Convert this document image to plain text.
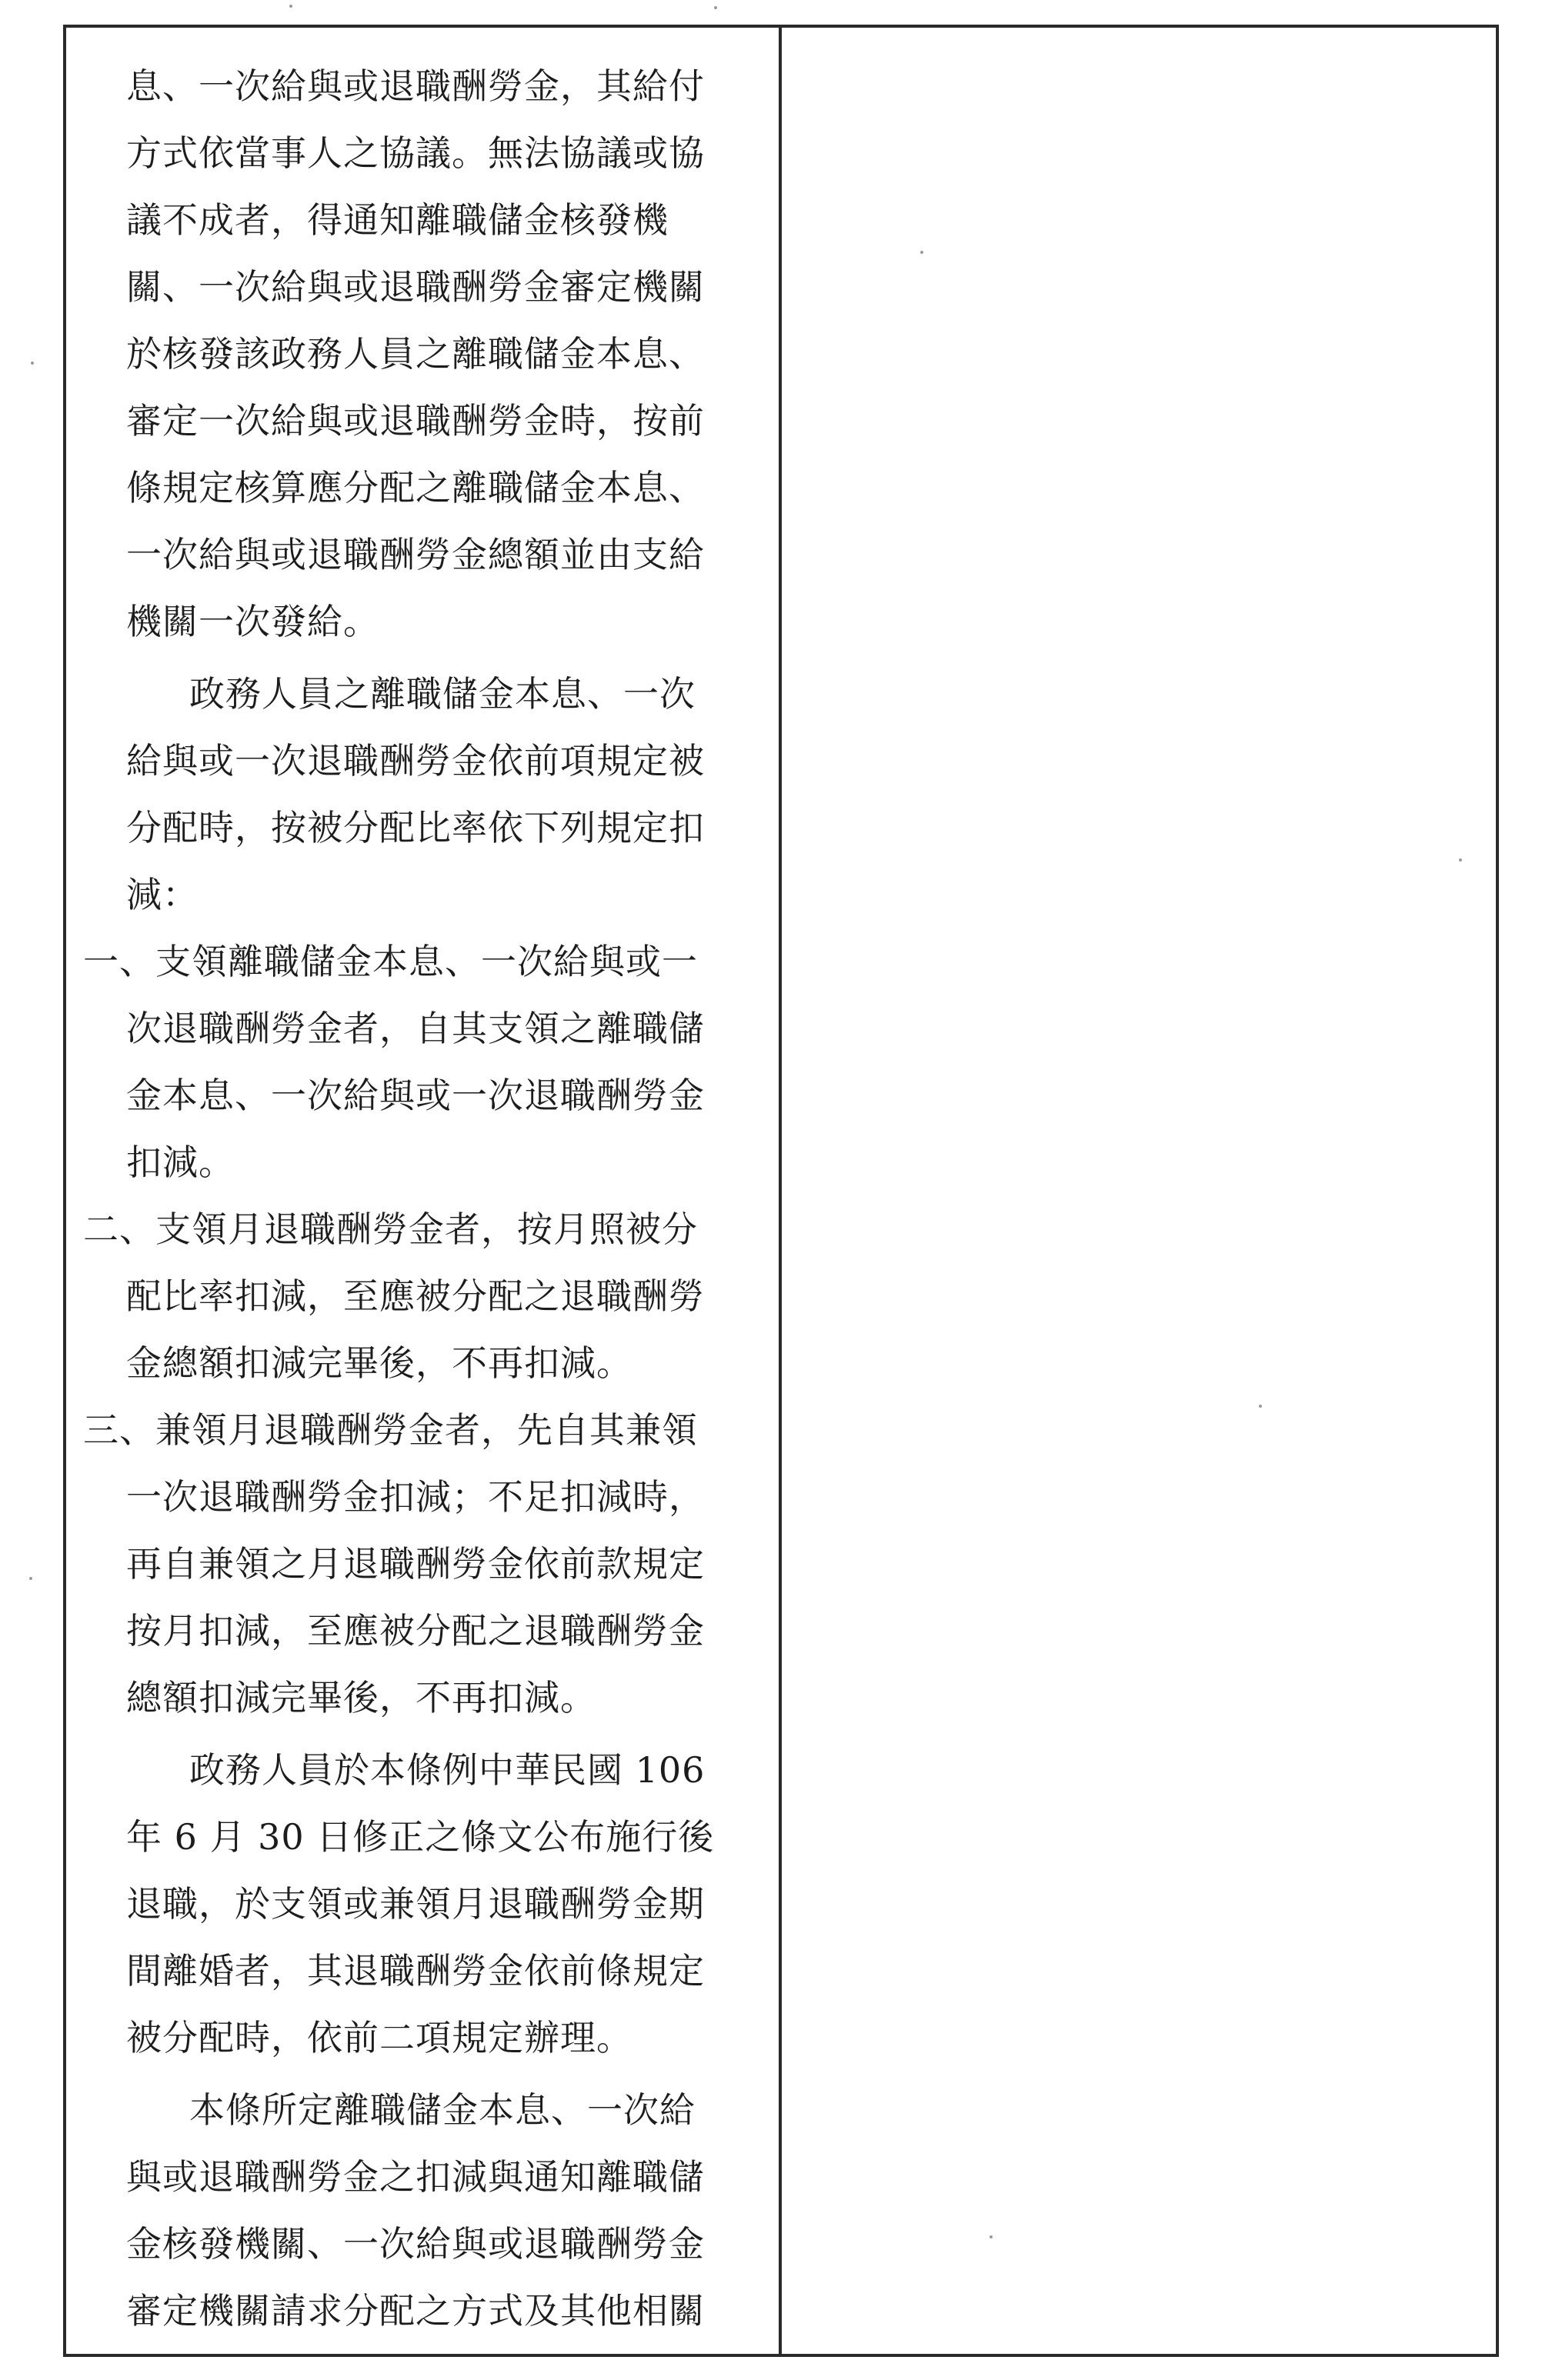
息、一次給與或退職酬勞金，其給付
方式依當事人之協議。無法協議或協
議不成者，得通知離職儲金核發機
關、一次給與或退職酬勞金審定機關
於核發該政務人員之離職儲金本息、
審定一次給與或退職酬勞金時，按前
條規定核算應分配之離職儲金本息、
一次給與或退職酬勞金總額並由支給
機關一次發給。
政務人員之離職儲金本息、一次
給與或一次退職酬勞金依前項規定被
分配時，按被分配比率依下列規定扣
減：
一、支領離職儲金本息、一次給與或一
次退職酬勞金者，自其支領之離職儲
金本息、一次給與或一次退職酬勞金
扣減。
二、支領月退職酬勞金者，按月照被分
配比率扣減，至應被分配之退職酬勞
金總額扣減完畢後，不再扣減。
三、兼領月退職酬勞金者，先自其兼領
一次退職酬勞金扣減；不足扣減時，
再自兼領之月退職酬勞金依前款規定
按月扣減，至應被分配之退職酬勞金
總額扣減完畢後，不再扣減。
政務人員於本條例中華民國 106
年 6 月 30 日修正之條文公布施行後
退職，於支領或兼領月退職酬勞金期
間離婚者，其退職酬勞金依前條規定
被分配時，依前二項規定辦理。
本條所定離職儲金本息、一次給
與或退職酬勞金之扣減與通知離職儲
金核發機關、一次給與或退職酬勞金
審定機關請求分配之方式及其他相關
